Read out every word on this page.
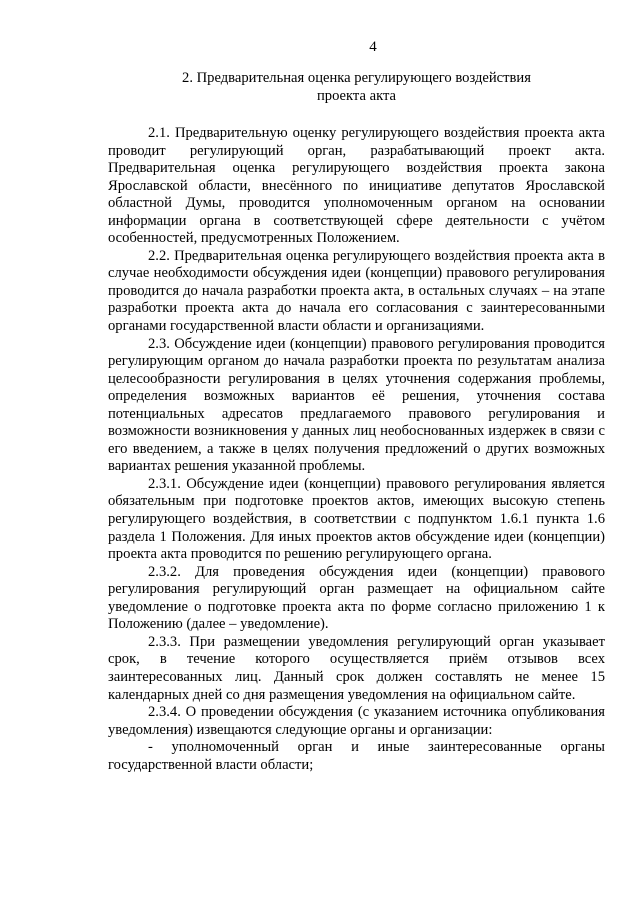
4
2. Предварительная оценка регулирующего воздействия
проекта акта

2.1. Предварительную оценку регулирующего воздействия проекта акта проводит регулирующий орган, разрабатывающий проект акта. Предварительная оценка регулирующего воздействия проекта закона Ярославской области, внесённого по инициативе депутатов Ярославской областной Думы, проводится уполномоченным органом на основании информации органа в соответствующей сфере деятельности с учётом особенностей, предусмотренных Положением.

2.2. Предварительная оценка регулирующего воздействия проекта акта в случае необходимости обсуждения идеи (концепции) правового регулирования проводится до начала разработки проекта акта, в остальных случаях – на этапе разработки проекта акта до начала его согласования с заинтересованными органами государственной власти области и организациями.

2.3. Обсуждение идеи (концепции) правового регулирования проводится регулирующим органом до начала разработки проекта по результатам анализа целесообразности регулирования в целях уточнения содержания проблемы, определения возможных вариантов её решения, уточнения состава потенциальных адресатов предлагаемого правового регулирования и возможности возникновения у данных лиц необоснованных издержек в связи с его введением, а также в целях получения предложений о других возможных вариантах решения указанной проблемы.

2.3.1. Обсуждение идеи (концепции) правового регулирования является обязательным при подготовке проектов актов, имеющих высокую степень регулирующего воздействия, в соответствии с подпунктом 1.6.1 пункта 1.6 раздела 1 Положения. Для иных проектов актов обсуждение идеи (концепции) проекта акта проводится по решению регулирующего органа.

2.3.2. Для проведения обсуждения идеи (концепции) правового регулирования регулирующий орган размещает на официальном сайте уведомление о подготовке проекта акта по форме согласно приложению 1 к Положению (далее – уведомление).

2.3.3. При размещении уведомления регулирующий орган указывает срок, в течение которого осуществляется приём отзывов всех заинтересованных лиц. Данный срок должен составлять не менее 15 календарных дней со дня размещения уведомления на официальном сайте.

2.3.4. О проведении обсуждения (с указанием источника опубликования уведомления) извещаются следующие органы и организации:

- уполномоченный орган и иные заинтересованные органы государственной власти области;
